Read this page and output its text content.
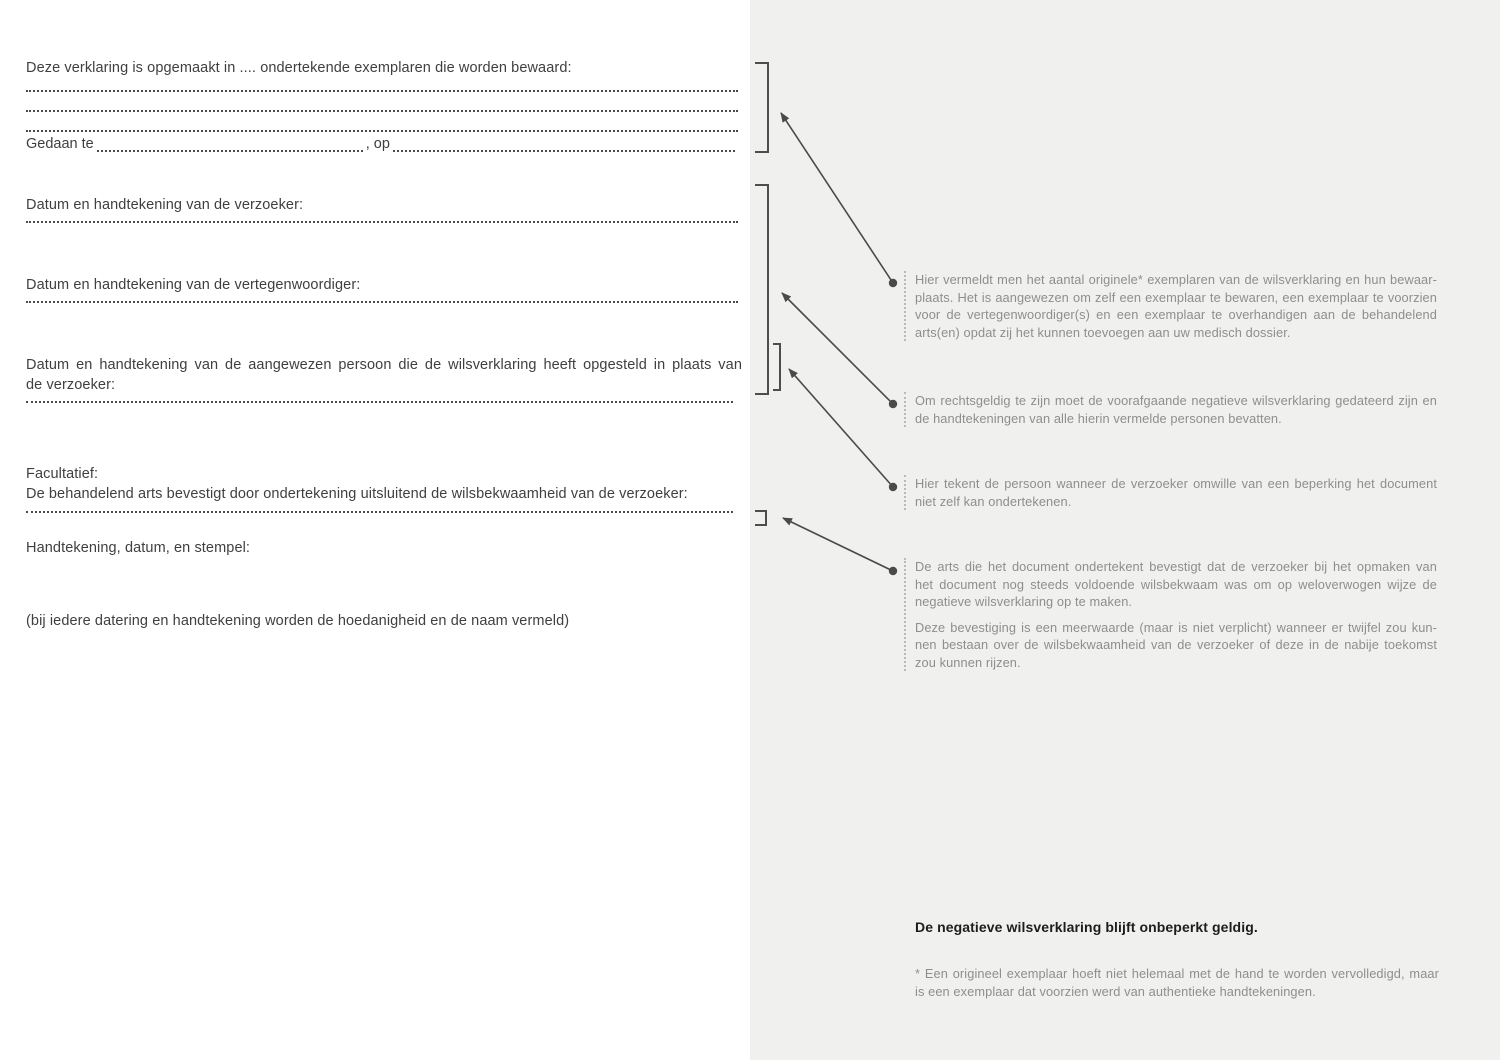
Deze verklaring is opgemaakt in .... ondertekende exemplaren die worden bewaard:
Gedaan te	, op
Datum en handtekening van de verzoeker:
Datum en handtekening van de vertegenwoordiger:
Datum en handtekening van de aangewezen persoon die de wilsverklaring heeft opgesteld in plaats van
de verzoeker:
Facultatief:
De behandelend arts bevestigt door ondertekening uitsluitend de wilsbekwaamheid van de verzoeker:
Handtekening, datum, en stempel:
(bij iedere datering en handtekening worden de hoedanigheid en de naam vermeld)
Hier vermeldt men het aantal originele* exemplaren van de wilsverklaring en hun bewaar-
plaats. Het is aangewezen om zelf een exemplaar te bewaren, een exemplaar te voorzien
voor de vertegenwoordiger(s) en een exemplaar te overhandigen aan de behandelend
arts(en) opdat zij het kunnen toevoegen aan uw medisch dossier.
Om rechtsgeldig te zijn moet de voorafgaande negatieve wilsverklaring gedateerd zijn en
de handtekeningen van alle hierin vermelde personen bevatten.
Hier tekent de persoon wanneer de verzoeker omwille van een beperking het document
niet zelf kan ondertekenen.
De arts die het document ondertekent bevestigt dat de verzoeker bij het opmaken van
het document nog steeds voldoende wilsbekwaam was om op weloverwogen wijze de
negatieve wilsverklaring op te maken.
Deze bevestiging is een meerwaarde (maar is niet verplicht) wanneer er twijfel zou kun-
nen bestaan over de wilsbekwaamheid van de verzoeker of deze in de nabije toekomst
zou kunnen rijzen.
De negatieve wilsverklaring blijft onbeperkt geldig.
* Een origineel exemplaar hoeft niet helemaal met de hand te worden vervolledigd, maar
is een exemplaar dat voorzien werd van authentieke handtekeningen.
